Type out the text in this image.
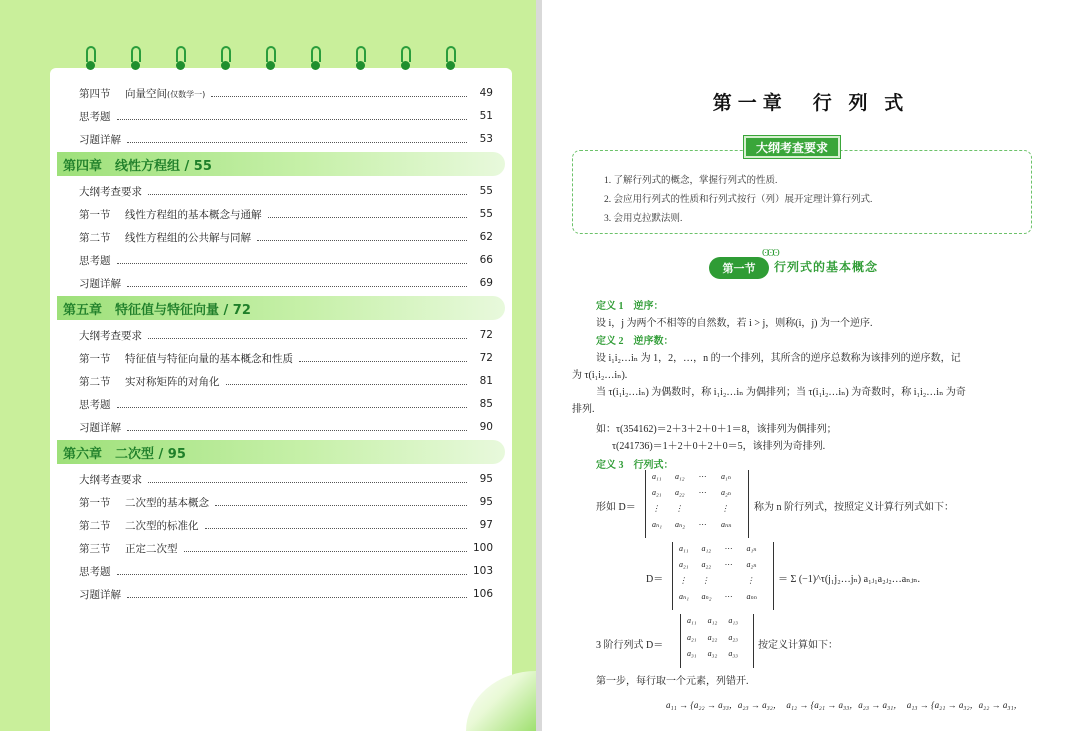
第四节	向量空间(仅数学一)	49
思考题	51
习题详解	53
第四章　线性方程组 / 55
大纲考查要求	55
第一节	线性方程组的基本概念与通解	55
第二节	线性方程组的公共解与同解	62
思考题	66
习题详解	69
第五章　特征值与特征向量 / 72
大纲考查要求	72
第一节	特征值与特征向量的基本概念和性质	72
第二节	实对称矩阵的对角化	81
思考题	85
习题详解	90
第六章　二次型 / 95
大纲考查要求	95
第一节	二次型的基本概念	95
第二节	二次型的标准化	97
第三节	正定二次型	100
思考题	103
习题详解	106
第一章　行 列 式
大纲考查要求
1. 了解行列式的概念，掌握行列式的性质.
2. 会应用行列式的性质和行列式按行（列）展开定理计算行列式.
3. 会用克拉默法则.
第一节
ʘʘʘ
行列式的基本概念
定义 1　逆序：
设 i，j 为两个不相等的自然数，若 i > j，则称(i，j) 为一个逆序.
定义 2　逆序数：
设 i₁i₂…iₙ 为 1，2，…，n 的一个排列，其所含的逆序总数称为该排列的逆序数，记
为 τ(i₁i₂…iₙ).
当 τ(i₁i₂…iₙ) 为偶数时，称 i₁i₂…iₙ 为偶排列；当 τ(i₁i₂…iₙ) 为奇数时，称 i₁i₂…iₙ 为奇
排列.
如：τ(354162)＝2＋3＋2＋0＋1＝8，该排列为偶排列；
τ(241736)＝1＋2＋0＋2＋0＝5，该排列为奇排列.
定义 3　行列式：
形如 D＝
a₁₁ a₁₂ ⋯ a₁ₙ
a₂₁ a₂₂ ⋯ a₂ₙ
⋮ ⋮	⋮
aₙ₁ aₙ₂ ⋯ aₙₙ
称为 n 阶行列式，按照定义计算行列式如下：
D＝
a₁₁ a₁₂ ⋯ a₁ₙ
a₂₁ a₂₂ ⋯ a₂ₙ
⋮ ⋮	⋮
aₙ₁ aₙ₂ ⋯ aₙₙ
＝ Σ (−1)^τ(j₁j₂…jₙ) a₁ⱼ₁a₂ⱼ₂…aₙⱼₙ.
3 阶行列式 D＝
a₁₁ a₁₂ a₁₃
a₂₁ a₂₂ a₂₃
a₃₁ a₃₂ a₃₃
按定义计算如下：
第一步，每行取一个元素，列错开.
a₁₁ → {a₂₂ → a₃₃，a₂₃ → a₃₂，　a₁₂ → {a₂₁ → a₃₃，a₂₃ → a₃₁，　a₁₃ → {a₂₁ → a₃₂，a₂₂ → a₃₁，
